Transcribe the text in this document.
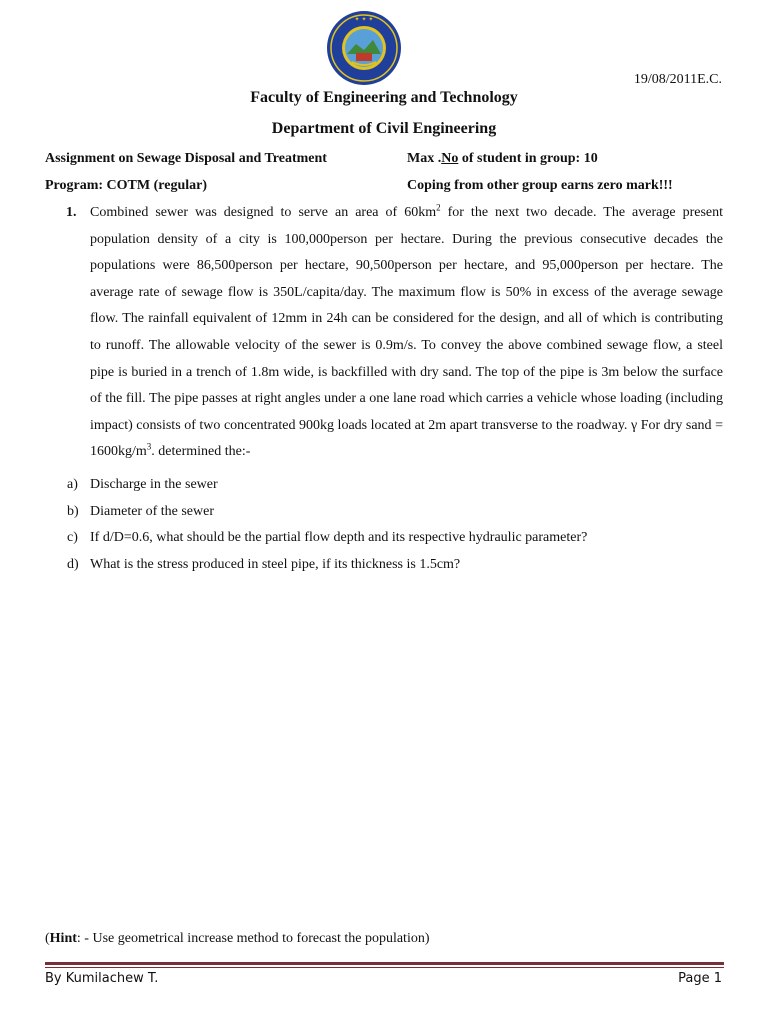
✦ ✦ ✦
19/08/2011E.C.
Faculty of Engineering and Technology
Department of Civil Engineering
Assignment on Sewage Disposal and Treatment	Max .No of student in group: 10
Program: COTM (regular)	Coping from other group earns zero mark!!!
1. Combined sewer was designed to serve an area of $60km^2$ for the next two decade. The average present population density of a city is 100,000person per hectare. During the previous consecutive decades the populations were 86,500person per hectare, 90,500person per hectare, and 95,000person per hectare. The average rate of sewage flow is 350L/capita/day. The maximum flow is 50% in excess of the average sewage flow. The rainfall equivalent of 12mm in 24h can be considered for the design, and all of which is contributing to runoff. The allowable velocity of the sewer is 0.9m/s. To convey the above combined sewage flow, a steel pipe is buried in a trench of 1.8m wide, is backfilled with dry sand. The top of the pipe is 3m below the surface of the fill. The pipe passes at right angles under a one lane road which carries a vehicle whose loading (including impact) consists of two concentrated 900kg loads located at 2m apart transverse to the roadway. γ For dry sand = $1600kg/m^3$. determined the:-
a) Discharge in the sewer
b) Diameter of the sewer
c) If d/D=0.6, what should be the partial flow depth and its respective hydraulic parameter?
d) What is the stress produced in steel pipe, if its thickness is 1.5cm?
(Hint: - Use geometrical increase method to forecast the population)
By Kumilachew T.	Page 1
